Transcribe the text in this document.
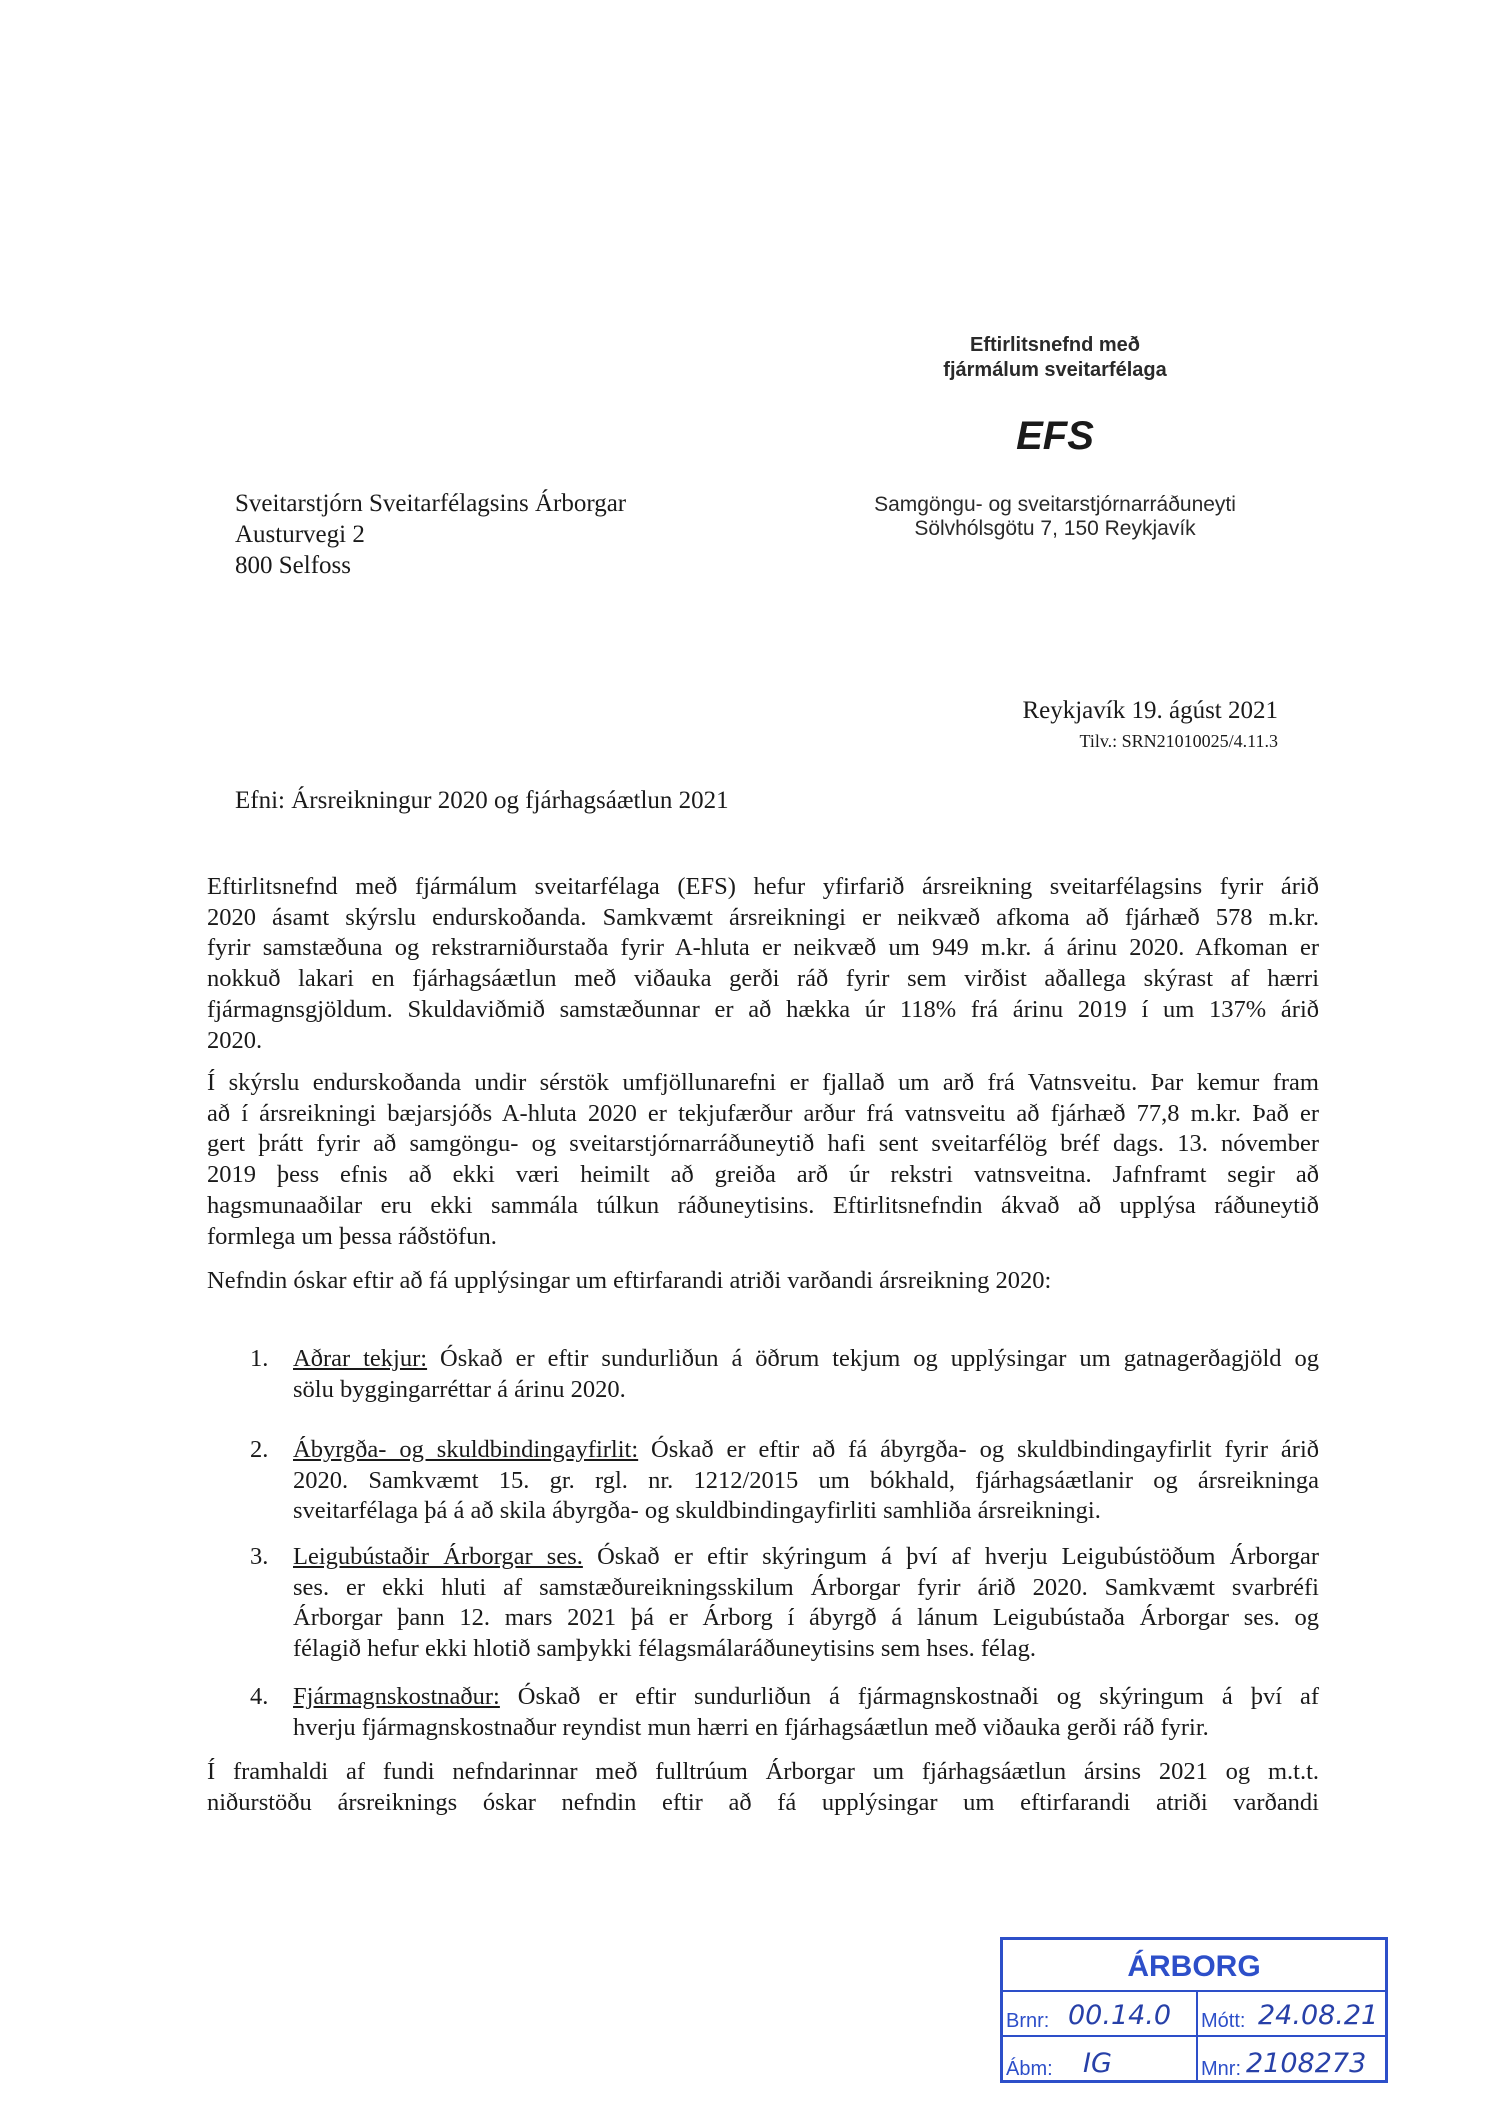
Eftirlitsnefnd með
fjármálum sveitarfélaga
EFS
Samgöngu- og sveitarstjórnarráðuneyti
Sölvhólsgötu 7, 150 Reykjavík
Sveitarstjórn Sveitarfélagsins Árborgar
Austurvegi 2
800 Selfoss
Reykjavík 19. ágúst 2021
Tilv.: SRN21010025/4.11.3
Efni: Ársreikningur 2020 og fjárhagsáætlun 2021
Eftirlitsnefnd með fjármálum sveitarfélaga (EFS) hefur yfirfarið ársreikning sveitarfélagsins fyrir árið
2020 ásamt skýrslu endurskoðanda. Samkvæmt ársreikningi er neikvæð afkoma að fjárhæð 578 m.kr.
fyrir samstæðuna og rekstrarniðurstaða fyrir A-hluta er neikvæð um 949 m.kr. á árinu 2020. Afkoman er
nokkuð lakari en fjárhagsáætlun með viðauka gerði ráð fyrir sem virðist aðallega skýrast af hærri
fjármagnsgjöldum. Skuldaviðmið samstæðunnar er að hækka úr 118% frá árinu 2019 í um 137% árið
2020.
Í skýrslu endurskoðanda undir sérstök umfjöllunarefni er fjallað um arð frá Vatnsveitu. Þar kemur fram
að í ársreikningi bæjarsjóðs A-hluta 2020 er tekjufærður arður frá vatnsveitu að fjárhæð 77,8 m.kr. Það er
gert þrátt fyrir að samgöngu- og sveitarstjórnarráðuneytið hafi sent sveitarfélög bréf dags. 13. nóvember
2019 þess efnis að ekki væri heimilt að greiða arð úr rekstri vatnsveitna. Jafnframt segir að
hagsmunaaðilar eru ekki sammála túlkun ráðuneytisins. Eftirlitsnefndin ákvað að upplýsa ráðuneytið
formlega um þessa ráðstöfun.
Nefndin óskar eftir að fá upplýsingar um eftirfarandi atriði varðandi ársreikning 2020:
1. Aðrar tekjur: Óskað er eftir sundurliðun á öðrum tekjum og upplýsingar um gatnagerðagjöld og
sölu byggingarréttar á árinu 2020.
2. Ábyrgða- og skuldbindingayfirlit: Óskað er eftir að fá ábyrgða- og skuldbindingayfirlit fyrir árið
2020. Samkvæmt 15. gr. rgl. nr. 1212/2015 um bókhald, fjárhagsáætlanir og ársreikninga
sveitarfélaga þá á að skila ábyrgða- og skuldbindingayfirliti samhliða ársreikningi.
3. Leigubústaðir Árborgar ses. Óskað er eftir skýringum á því af hverju Leigubústöðum Árborgar
ses. er ekki hluti af samstæðureikningsskilum Árborgar fyrir árið 2020. Samkvæmt svarbréfi
Árborgar þann 12. mars 2021 þá er Árborg í ábyrgð á lánum Leigubústaða Árborgar ses. og
félagið hefur ekki hlotið samþykki félagsmálaráðuneytisins sem hses. félag.
4. Fjármagnskostnaður: Óskað er eftir sundurliðun á fjármagnskostnaði og skýringum á því af
hverju fjármagnskostnaður reyndist mun hærri en fjárhagsáætlun með viðauka gerði ráð fyrir.
Í framhaldi af fundi nefndarinnar með fulltrúum Árborgar um fjárhagsáætlun ársins 2021 og m.t.t.
niðurstöðu ársreiknings óskar nefndin eftir að fá upplýsingar um eftirfarandi atriði varðandi
ÁRBORG
Brnr: 00.14.0 Mótt: 24.08.21
Ábm: IG	Mnr: 2108273
